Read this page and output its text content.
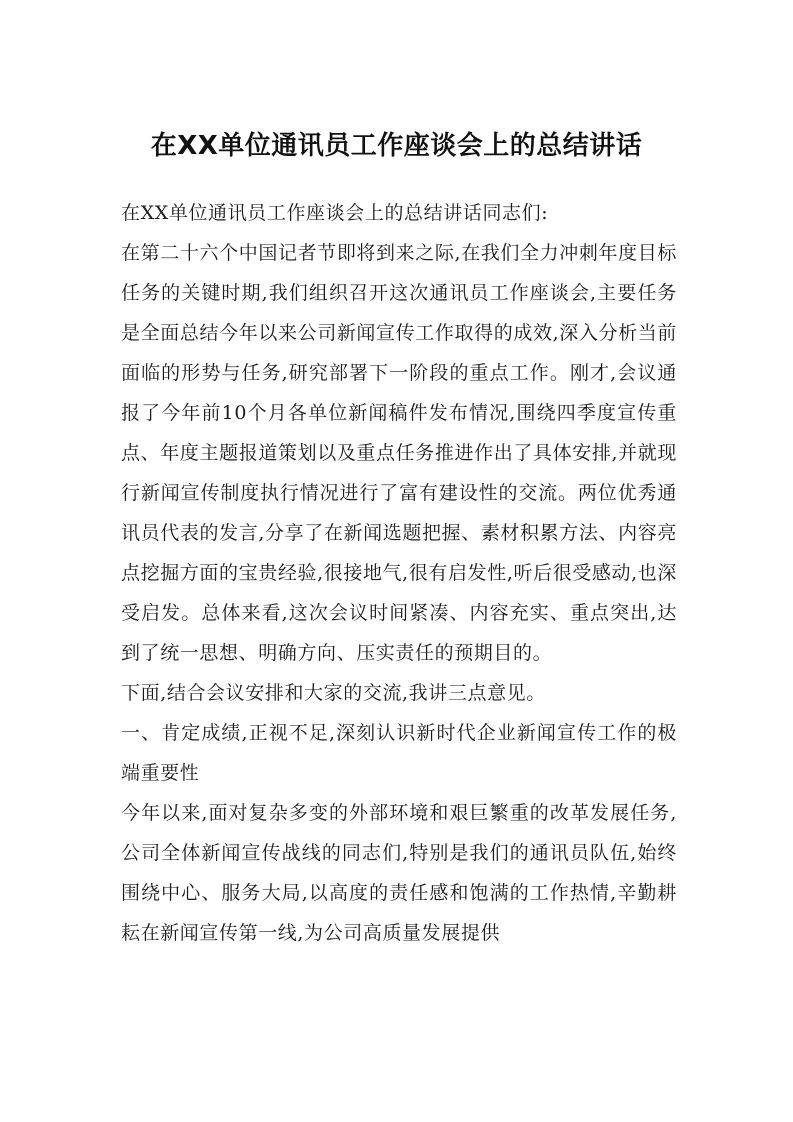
在XX单位通讯员工作座谈会上的总结讲话

在XX单位通讯员工作座谈会上的总结讲话同志们:

在第二十六个中国记者节即将到来之际,在我们全力冲刺年度目标任务的关键时期,我们组织召开这次通讯员工作座谈会,主要任务是全面总结今年以来公司新闻宣传工作取得的成效,深入分析当前面临的形势与任务,研究部署下一阶段的重点工作。刚才,会议通报了今年前10个月各单位新闻稿件发布情况,围绕四季度宣传重点、年度主题报道策划以及重点任务推进作出了具体安排,并就现行新闻宣传制度执行情况进行了富有建设性的交流。两位优秀通讯员代表的发言,分享了在新闻选题把握、素材积累方法、内容亮点挖掘方面的宝贵经验,很接地气,很有启发性,听后很受感动,也深受启发。总体来看,这次会议时间紧凑、内容充实、重点突出,达到了统一思想、明确方向、压实责任的预期目的。

下面,结合会议安排和大家的交流,我讲三点意见。

一、肯定成绩,正视不足,深刻认识新时代企业新闻宣传工作的极端重要性

今年以来,面对复杂多变的外部环境和艰巨繁重的改革发展任务,公司全体新闻宣传战线的同志们,特别是我们的通讯员队伍,始终围绕中心、服务大局,以高度的责任感和饱满的工作热情,辛勤耕耘在新闻宣传第一线,为公司高质量发展提供
